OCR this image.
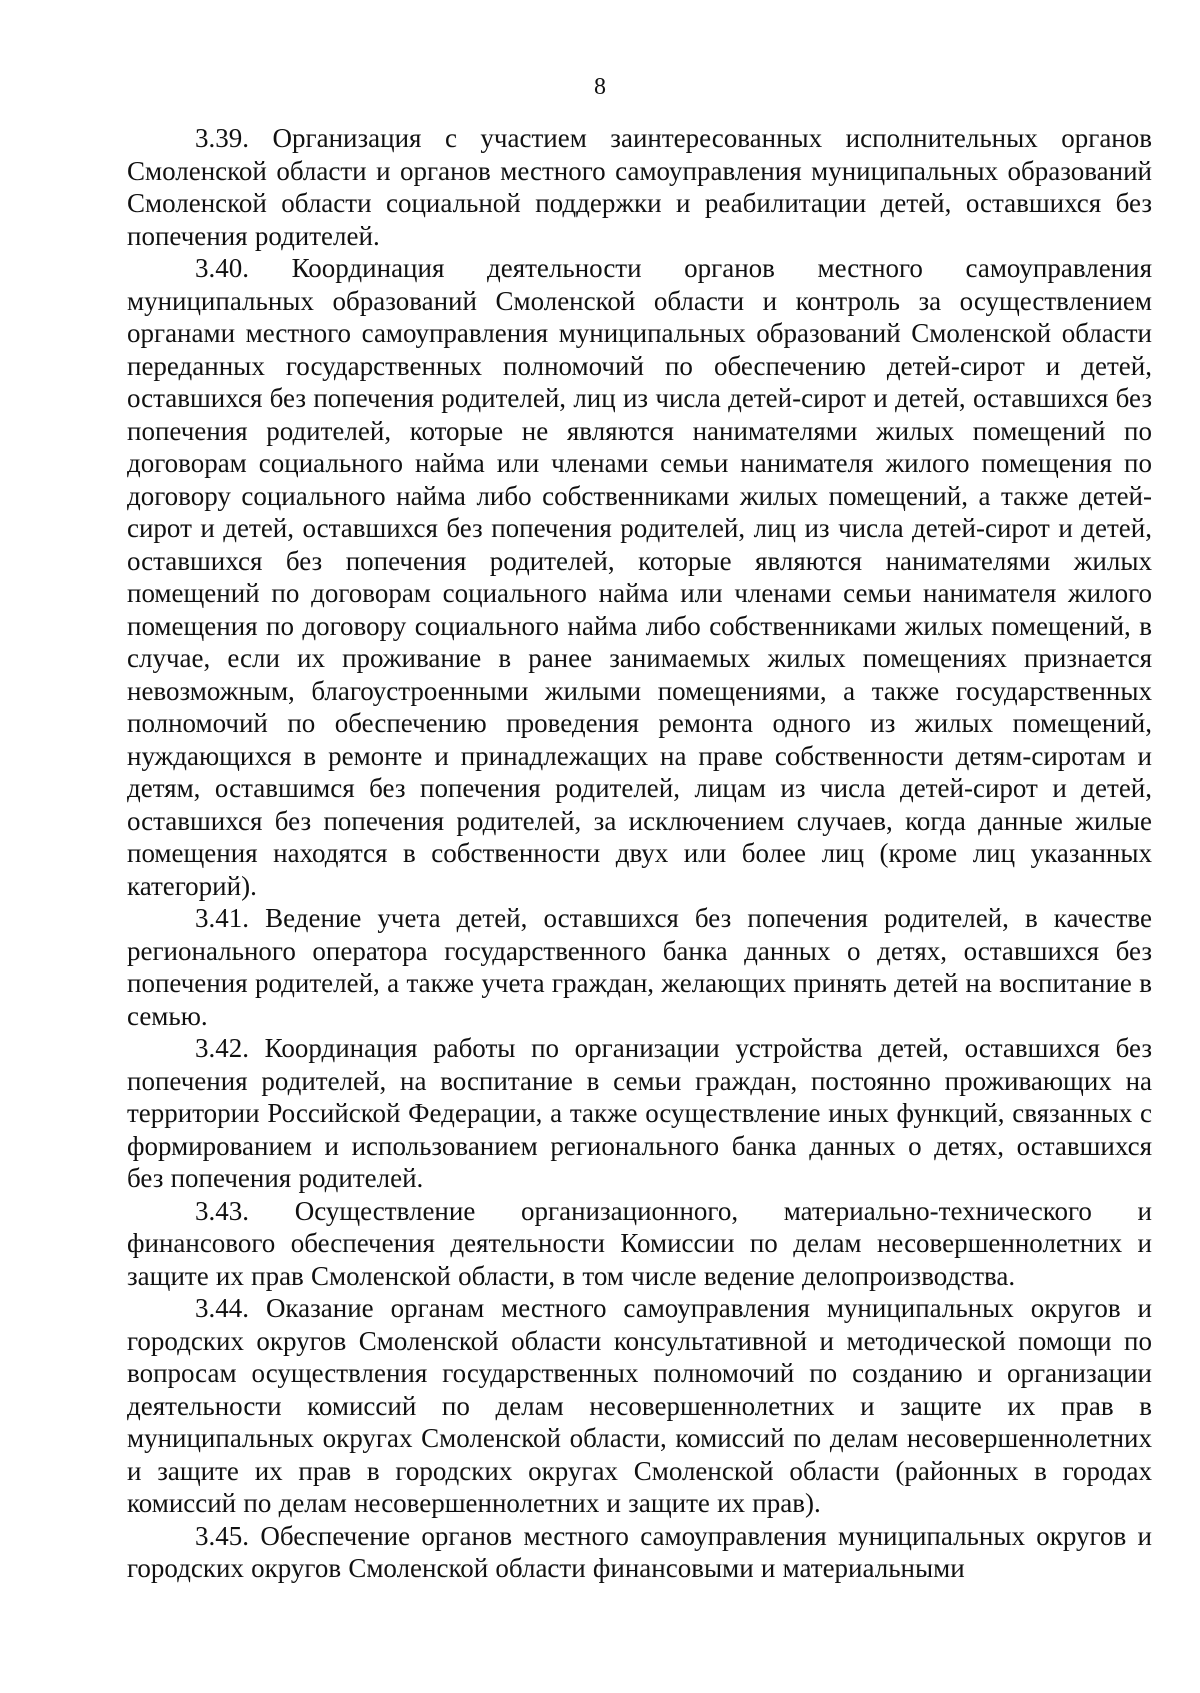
8

3.39. Организация с участием заинтересованных исполнительных органов Смоленской области и органов местного самоуправления муниципальных образований Смоленской области социальной поддержки и реабилитации детей, оставшихся без попечения родителей.

3.40. Координация деятельности органов местного самоуправления муниципальных образований Смоленской области и контроль за осуществлением органами местного самоуправления муниципальных образований Смоленской области переданных государственных полномочий по обеспечению детей-сирот и детей, оставшихся без попечения родителей, лиц из числа детей-сирот и детей, оставшихся без попечения родителей, которые не являются нанимателями жилых помещений по договорам социального найма или членами семьи нанимателя жилого помещения по договору социального найма либо собственниками жилых помещений, а также детей-сирот и детей, оставшихся без попечения родителей, лиц из числа детей-сирот и детей, оставшихся без попечения родителей, которые являются нанимателями жилых помещений по договорам социального найма или членами семьи нанимателя жилого помещения по договору социального найма либо собственниками жилых помещений, в случае, если их проживание в ранее занимаемых жилых помещениях признается невозможным, благоустроенными жилыми помещениями, а также государственных полномочий по обеспечению проведения ремонта одного из жилых помещений, нуждающихся в ремонте и принадлежащих на праве собственности детям-сиротам и детям, оставшимся без попечения родителей, лицам из числа детей-сирот и детей, оставшихся без попечения родителей, за исключением случаев, когда данные жилые помещения находятся в собственности двух или более лиц (кроме лиц указанных категорий).

3.41. Ведение учета детей, оставшихся без попечения родителей, в качестве регионального оператора государственного банка данных о детях, оставшихся без попечения родителей, а также учета граждан, желающих принять детей на воспитание в семью.

3.42. Координация работы по организации устройства детей, оставшихся без попечения родителей, на воспитание в семьи граждан, постоянно проживающих на территории Российской Федерации, а также осуществление иных функций, связанных с формированием и использованием регионального банка данных о детях, оставшихся без попечения родителей.

3.43. Осуществление организационного, материально-технического и финансового обеспечения деятельности Комиссии по делам несовершеннолетних и защите их прав Смоленской области, в том числе ведение делопроизводства.

3.44. Оказание органам местного самоуправления муниципальных округов и городских округов Смоленской области консультативной и методической помощи по вопросам осуществления государственных полномочий по созданию и организации деятельности комиссий по делам несовершеннолетних и защите их прав в муниципальных округах Смоленской области, комиссий по делам несовершеннолетних и защите их прав в городских округах Смоленской области (районных в городах комиссий по делам несовершеннолетних и защите их прав).

3.45. Обеспечение органов местного самоуправления муниципальных округов и городских округов Смоленской области финансовыми и материальными
